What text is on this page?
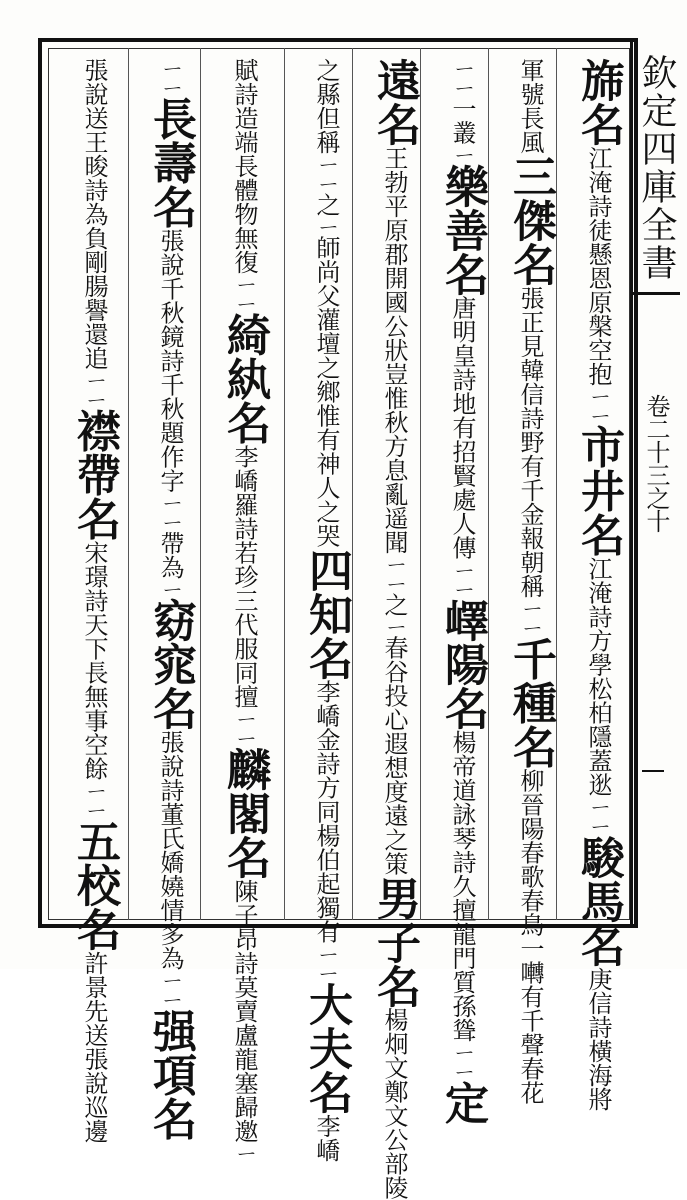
欽定四庫全書
卷二十三之十
旆名江淹詩徒懸恩原槃空抱ㄧㄧ市井名江淹詩方學松柏隱蓋逖ㄧㄧ駿馬名庚信詩橫海將
軍號長風三傑名張正見韓信詩野有千金報朝稱ㄧㄧ千種名柳晉陽春歌春鳥一囀有千聲春花
ㄧㄧ一叢ㄧ樂善名唐明皇詩地有招賢處人傳ㄧㄧ嶧陽名楊帝道詠琴詩久擅龍門質孫聳ㄧㄧ定
遠名王勃平原郡開國公狀豈惟秋方息亂遥聞ㄧㄧ之ㄧ春谷投心遐想度遠之策男子名楊炯文鄭文公部陵
之縣但稱ㄧㄧ之ㄧ師尚父灌壇之鄉惟有神人之哭四知名李嶠金詩方同楊伯起獨有ㄧㄧ大夫名李嶠
賦詩造端長體物無復ㄧㄧ綺紈名李嶠羅詩若珍三代服同擅ㄧㄧ麟閣名陳子昂詩莫賣盧龍塞歸邀ㄧ
ㄧㄧ長壽名張說千秋鏡詩千秋題作字ㄧㄧ帶為ㄧ窈窕名張說詩董氏嬌嬈情多為ㄧㄧ强項名
張說送王晙詩為負剛腸譽還追ㄧㄧ襟帶名宋璟詩天下長無事空餘ㄧㄧ五校名許景先送張說巡邊
